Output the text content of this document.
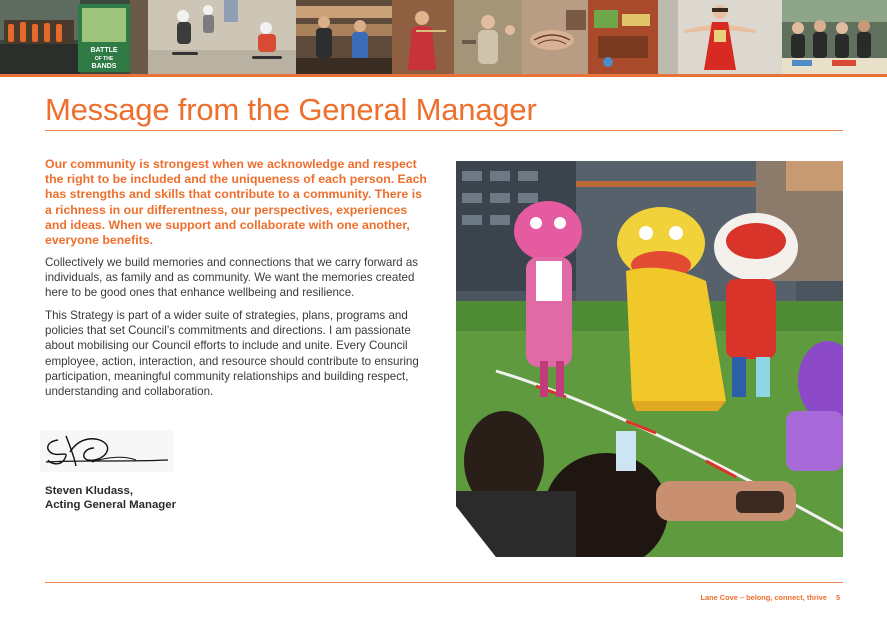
BATTLE
OF THE
BANDS
Message from the General Manager

Our community is strongest when we acknowledge and respect the right to be included and the uniqueness of each person. Each has strengths and skills that contribute to a community. There is a richness in our differentness, our perspectives, experiences and ideas. When we support and collaborate with one another, everyone benefits.

Collectively we build memories and connections that we carry forward as individuals, as family and as community. We want the memories created here to be good ones that enhance wellbeing and resilience.

This Strategy is part of a wider suite of strategies, plans, programs and policies that set Council’s commitments and directions. I am passionate about mobilising our Council efforts to include and unite. Every Council employee, action, interaction, and resource should contribute to ensuring participation, meaningful community relationships and building respect, understanding and collaboration.

Steven Kludass,

Acting General Manager

Lane Cove – belong, connect, thrive 5
